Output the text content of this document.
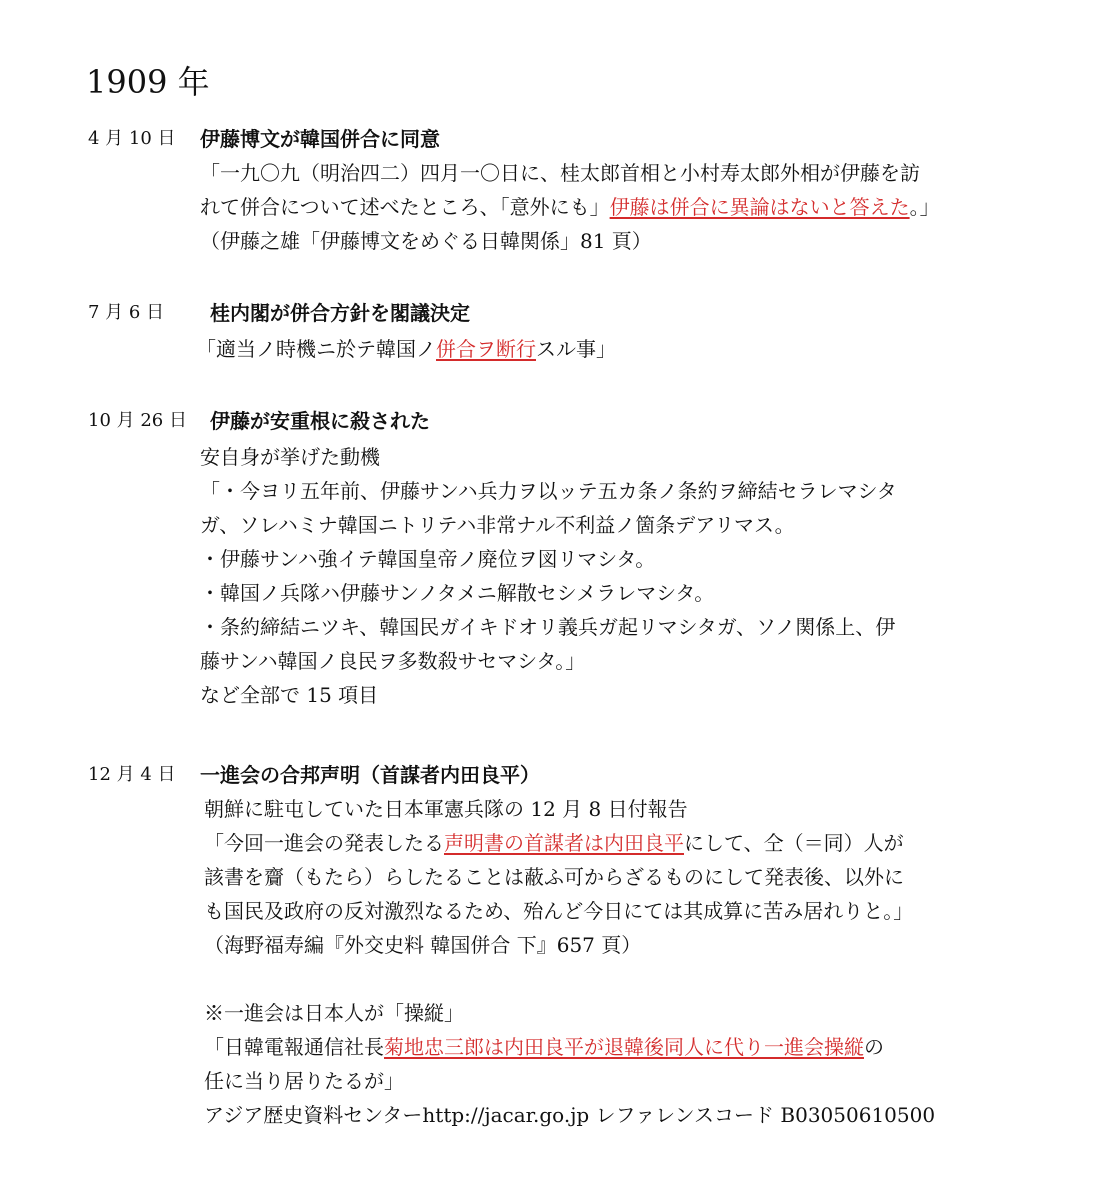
1909 年
4 月 10 日 伊藤博文が韓国併合に同意
「一九〇九（明治四二）四月一〇日に、桂太郎首相と小村寿太郎外相が伊藤を訪
れて併合について述べたところ、「意外にも」伊藤は併合に異論はないと答えた。」
（伊藤之雄「伊藤博文をめぐる日韓関係」81 頁）
7 月 6 日 桂内閣が併合方針を閣議決定
「適当ノ時機ニ於テ韓国ノ併合ヲ断行スル事」
10 月 26 日 伊藤が安重根に殺された
安自身が挙げた動機
「・今ヨリ五年前、伊藤サンハ兵力ヲ以ッテ五カ条ノ条約ヲ締結セラレマシタ
ガ、ソレハミナ韓国ニトリテハ非常ナル不利益ノ箇条デアリマス。
・伊藤サンハ強イテ韓国皇帝ノ廃位ヲ図リマシタ。
・韓国ノ兵隊ハ伊藤サンノタメニ解散セシメラレマシタ。
・条約締結ニツキ、韓国民ガイキドオリ義兵ガ起リマシタガ、ソノ関係上、伊
藤サンハ韓国ノ良民ヲ多数殺サセマシタ。」
など全部で 15 項目
12 月 4 日 一進会の合邦声明（首謀者内田良平）
朝鮮に駐屯していた日本軍憲兵隊の 12 月 8 日付報告
「今回一進会の発表したる声明書の首謀者は内田良平にして、仝（＝同）人が
該書を齎（もたら）らしたることは蔽ふ可からざるものにして発表後、以外に
も国民及政府の反対激烈なるため、殆んど今日にては其成算に苦み居れりと。」
（海野福寿編『外交史料 韓国併合 下』657 頁）

※一進会は日本人が「操縦」
「日韓電報通信社長菊地忠三郎は内田良平が退韓後同人に代り一進会操縦の
任に当り居りたるが」
アジア歴史資料センターhttp://jacar.go.jp レファレンスコード B03050610500
